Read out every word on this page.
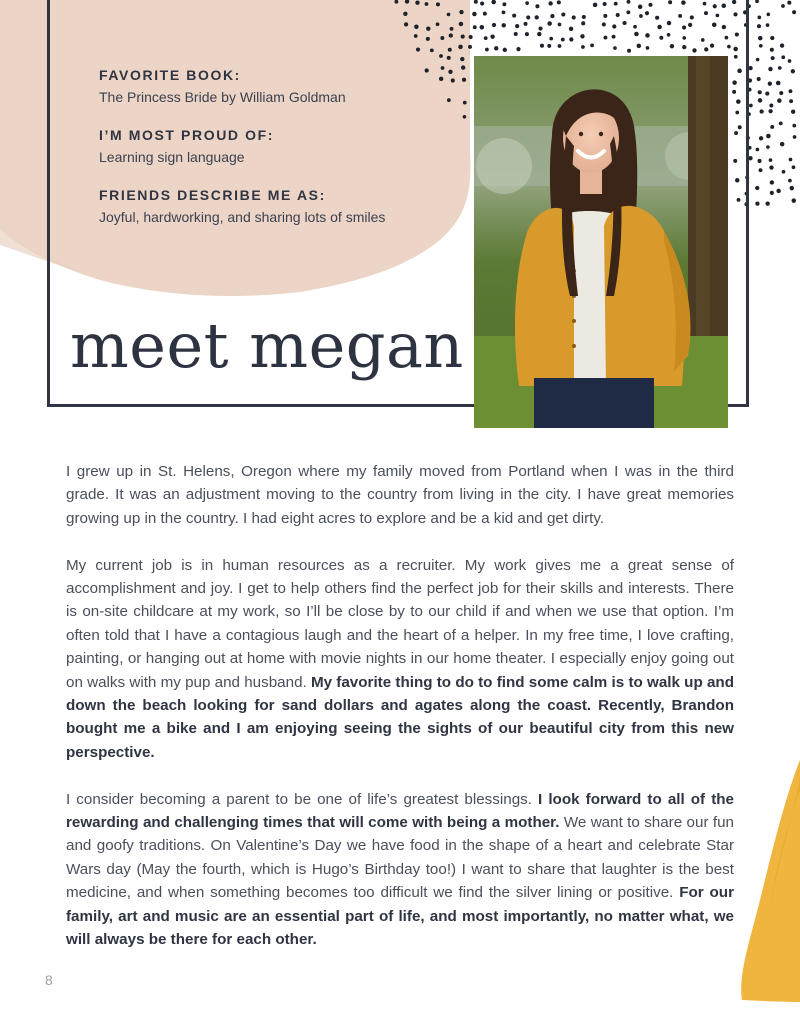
FAVORITE BOOK:

The Princess Bride by William Goldman

I’M MOST PROUD OF:

Learning sign language

FRIENDS DESCRIBE ME AS:

Joyful, hardworking, and sharing lots of smiles

meet megan

I grew up in St. Helens, Oregon where my family moved from Portland when I was in the third grade. It was an adjustment moving to the country from living in the city. I have great memories growing up in the country. I had eight acres to explore and be a kid and get dirty.

My current job is in human resources as a recruiter. My work gives me a great sense of accomplishment and joy. I get to help others find the perfect job for their skills and interests. There is on-site childcare at my work, so I’ll be close by to our child if and when we use that option. I’m often told that I have a contagious laugh and the heart of a helper. In my free time, I love crafting, painting, or hanging out at home with movie nights in our home theater. I especially enjoy going out on walks with my pup and husband. My favorite thing to do to find some calm is to walk up and down the beach looking for sand dollars and agates along the coast. Recently, Brandon bought me a bike and I am enjoying seeing the sights of our beautiful city from this new perspective.

I consider becoming a parent to be one of life’s greatest blessings. I look forward to all of the rewarding and challenging times that will come with being a mother. We want to share our fun and goofy traditions. On Valentine’s Day we have food in the shape of a heart and celebrate Star Wars day (May the fourth, which is Hugo’s Birthday too!) I want to share that laughter is the best medicine, and when something becomes too difficult we find the silver lining or positive. For our family, art and music are an essential part of life, and most importantly, no matter what, we will always be there for each other.

8
